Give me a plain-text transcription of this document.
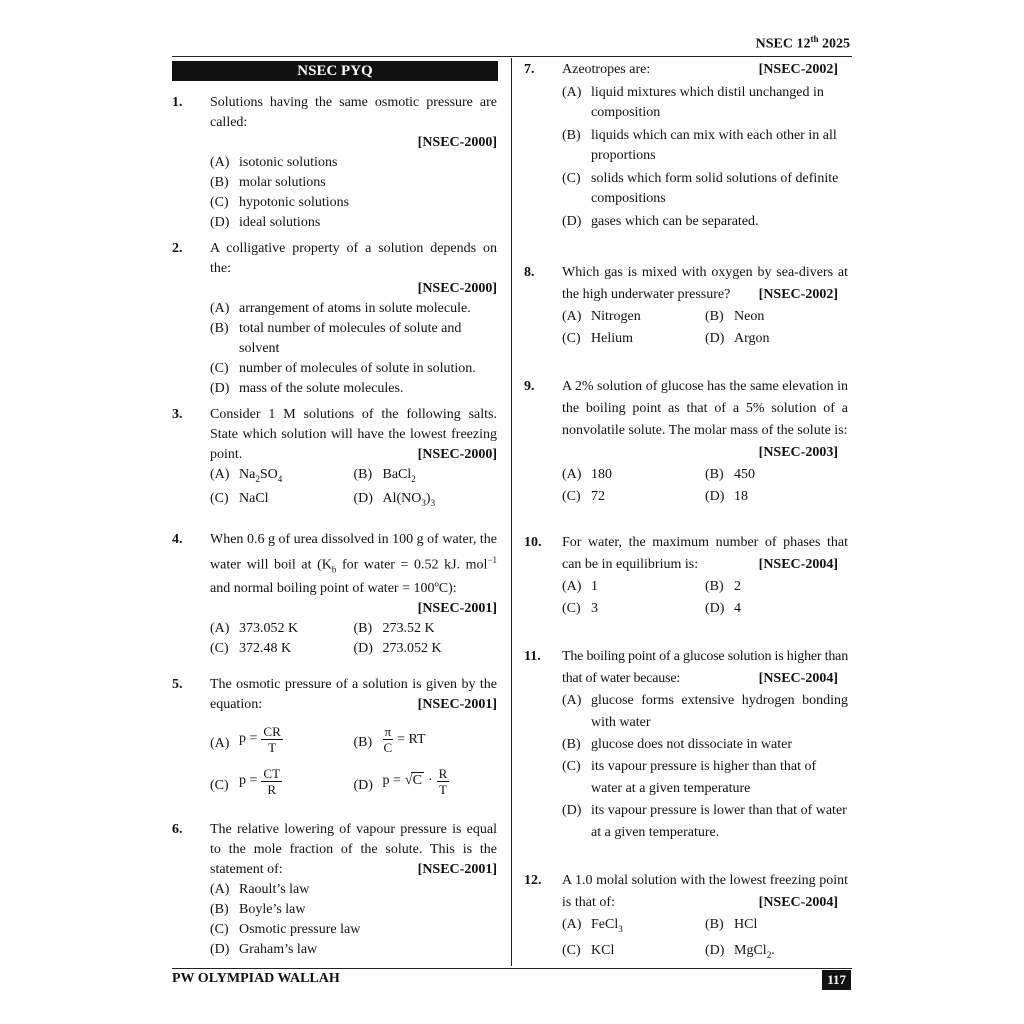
NSEC 12th 2025
NSEC PYQ
1. Solutions having the same osmotic pressure are called:
[NSEC-2000]
(A) isotonic solutions
(B) molar solutions
(C) hypotonic solutions
(D) ideal solutions
2. A colligative property of a solution depends on the:
[NSEC-2000]
(A) arrangement of atoms in solute molecule.
(B) total number of molecules of solute and solvent
(C) number of molecules of solute in solution.
(D) mass of the solute molecules.
3. Consider 1 M solutions of the following salts. State which solution will have the lowest freezing point.	[NSEC-2000]
(A) $Na_2SO_4$	(B) BaCl$_2$
(C) NaCl	(D) $Al(NO_3)_3$
4. When 0.6 g of urea dissolved in 100 g of water, the water will boil at ($K_b$ for water = 0.52 kJ. mol$^{-1}$ and normal boiling point of water = 100ºC):
[NSEC-2001]
(A) 373.052 K	(B) 273.52 K
(C) 372.48 K	(D) 273.052 K
5. The osmotic pressure of a solution is given by the equation:	[NSEC-2001]
(A) $p = \frac{CR}{T}$	$(B) \frac{\pi}{C}$ = RT
(C) $p = \frac{CT}{R}$	(D) $p = √C \cdot \frac{R}{T}$
6. The relative lowering of vapour pressure is equal to the mole fraction of the solute. This is the statement of:	[NSEC-2001]
(A) Raoult’s law
(B) Boyle’s law
(C) Osmotic pressure law
(D) Graham’s law
7. Azeotropes are:	[NSEC-2002]
(A) liquid mixtures which distil unchanged in composition
(B) liquids which can mix with each other in all proportions
(C) solids which form solid solutions of definite compositions
(D) gases which can be separated.
8. Which gas is mixed with oxygen by sea-divers at the high underwater pressure? [NSEC-2002]
(A) Nitrogen	(B) Neon
(C) Helium	(D) Argon
9. A 2% solution of glucose has the same elevation in the boiling point as that of a 5% solution of a nonvolatile solute. The molar mass of the solute is:
[NSEC-2003]
(A) 180	(B) 450
(C) 72	(D) 18
10. For water, the maximum number of phases that can be in equilibrium is:	[NSEC-2004]
(A) 1	(B) 2
(C) 3	(D) 4
11. The boiling point of a glucose solution is higher than that of water because:	[NSEC-2004]
(A) glucose forms extensive hydrogen bonding with water
(B) glucose does not dissociate in water
(C) its vapour pressure is higher than that of water at a given temperature
(D) its vapour pressure is lower than that of water at a given temperature.
12. A 1.0 molal solution with the lowest freezing point is that of:	[NSEC-2004]
(A) FeCl$_3$	(B) HCl
(C) KCl	(D) MgCl$_2$.
PW OLYMPIAD WALLAH	117
